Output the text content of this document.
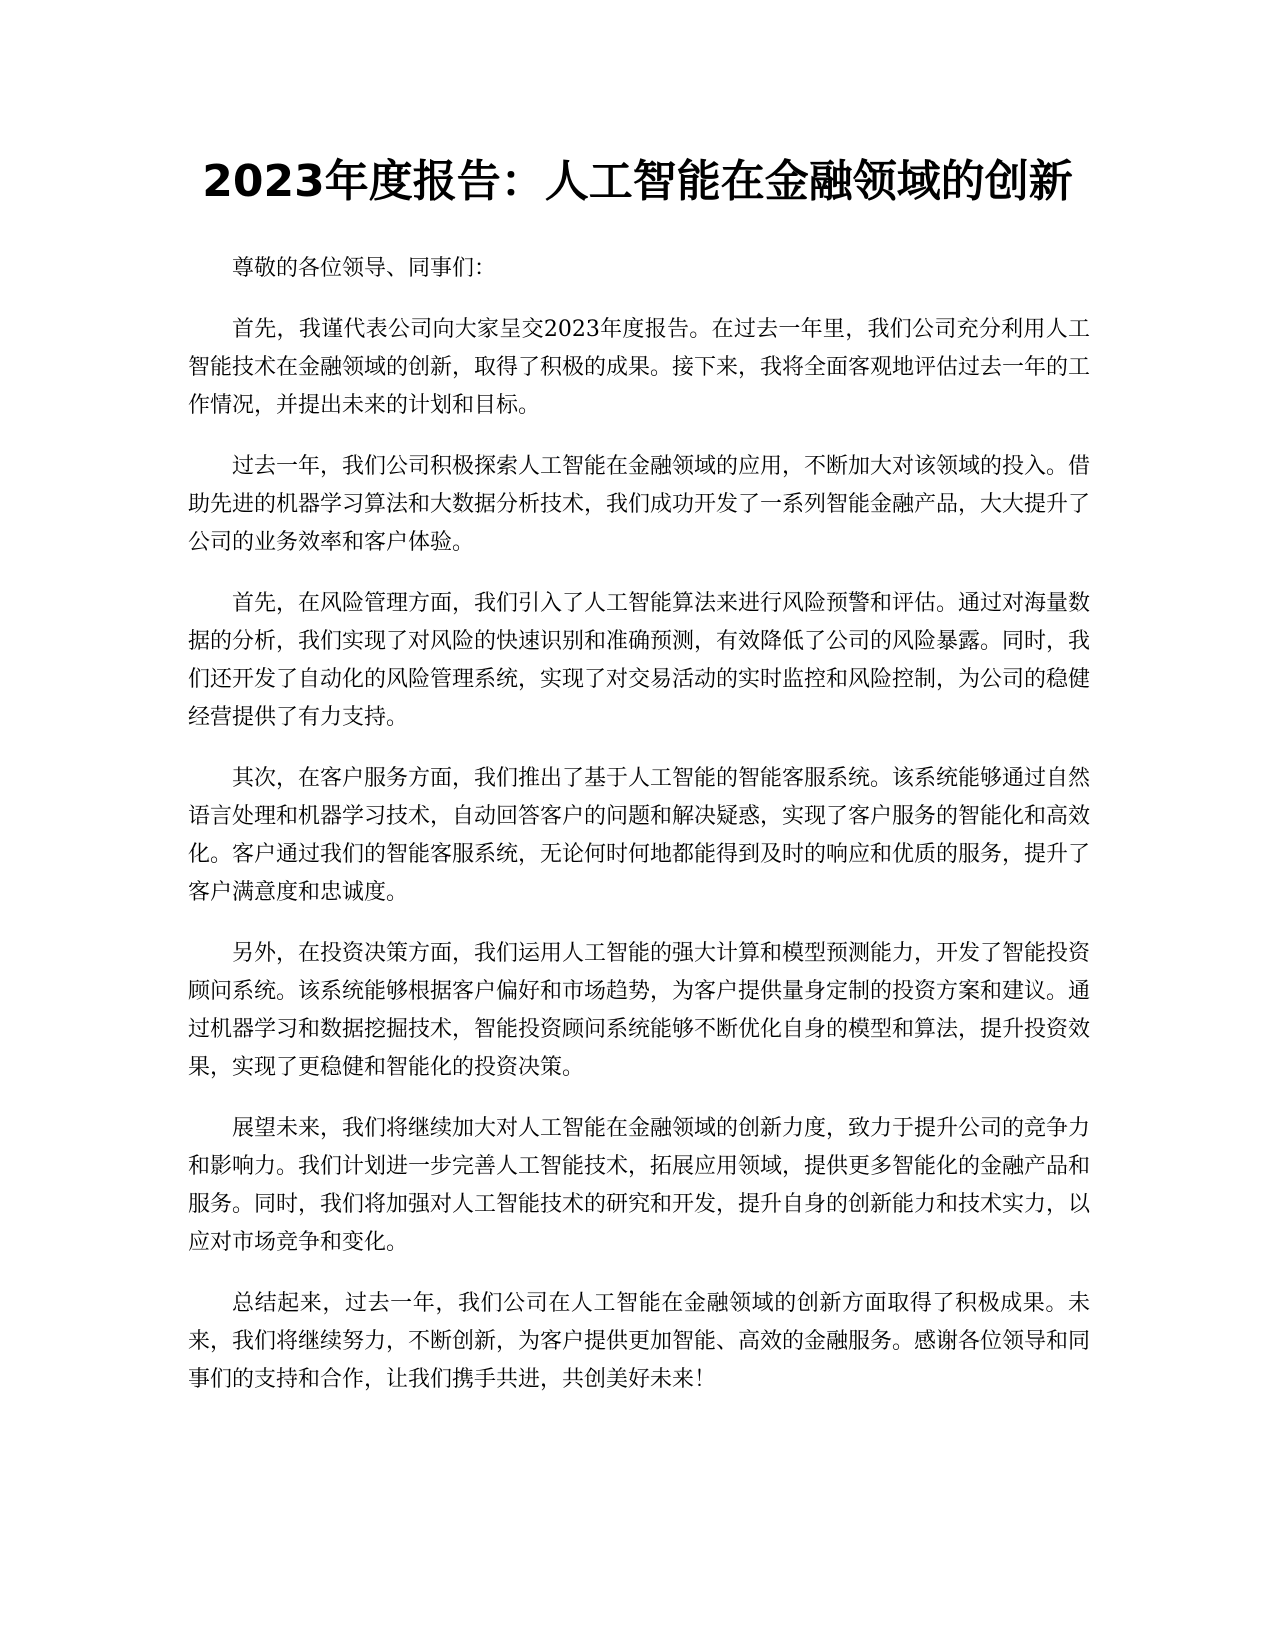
2023年度报告：人工智能在金融领域的创新

尊敬的各位领导、同事们：

首先，我谨代表公司向大家呈交2023年度报告。在过去一年里，我们公司充分利用人工智能技术在金融领域的创新，取得了积极的成果。接下来，我将全面客观地评估过去一年的工作情况，并提出未来的计划和目标。

过去一年，我们公司积极探索人工智能在金融领域的应用，不断加大对该领域的投入。借助先进的机器学习算法和大数据分析技术，我们成功开发了一系列智能金融产品，大大提升了公司的业务效率和客户体验。

首先，在风险管理方面，我们引入了人工智能算法来进行风险预警和评估。通过对海量数据的分析，我们实现了对风险的快速识别和准确预测，有效降低了公司的风险暴露。同时，我们还开发了自动化的风险管理系统，实现了对交易活动的实时监控和风险控制，为公司的稳健经营提供了有力支持。

其次，在客户服务方面，我们推出了基于人工智能的智能客服系统。该系统能够通过自然语言处理和机器学习技术，自动回答客户的问题和解决疑惑，实现了客户服务的智能化和高效化。客户通过我们的智能客服系统，无论何时何地都能得到及时的响应和优质的服务，提升了客户满意度和忠诚度。

另外，在投资决策方面，我们运用人工智能的强大计算和模型预测能力，开发了智能投资顾问系统。该系统能够根据客户偏好和市场趋势，为客户提供量身定制的投资方案和建议。通过机器学习和数据挖掘技术，智能投资顾问系统能够不断优化自身的模型和算法，提升投资效果，实现了更稳健和智能化的投资决策。

展望未来，我们将继续加大对人工智能在金融领域的创新力度，致力于提升公司的竞争力和影响力。我们计划进一步完善人工智能技术，拓展应用领域，提供更多智能化的金融产品和服务。同时，我们将加强对人工智能技术的研究和开发，提升自身的创新能力和技术实力，以应对市场竞争和变化。

总结起来，过去一年，我们公司在人工智能在金融领域的创新方面取得了积极成果。未来，我们将继续努力，不断创新，为客户提供更加智能、高效的金融服务。感谢各位领导和同事们的支持和合作，让我们携手共进，共创美好未来！
